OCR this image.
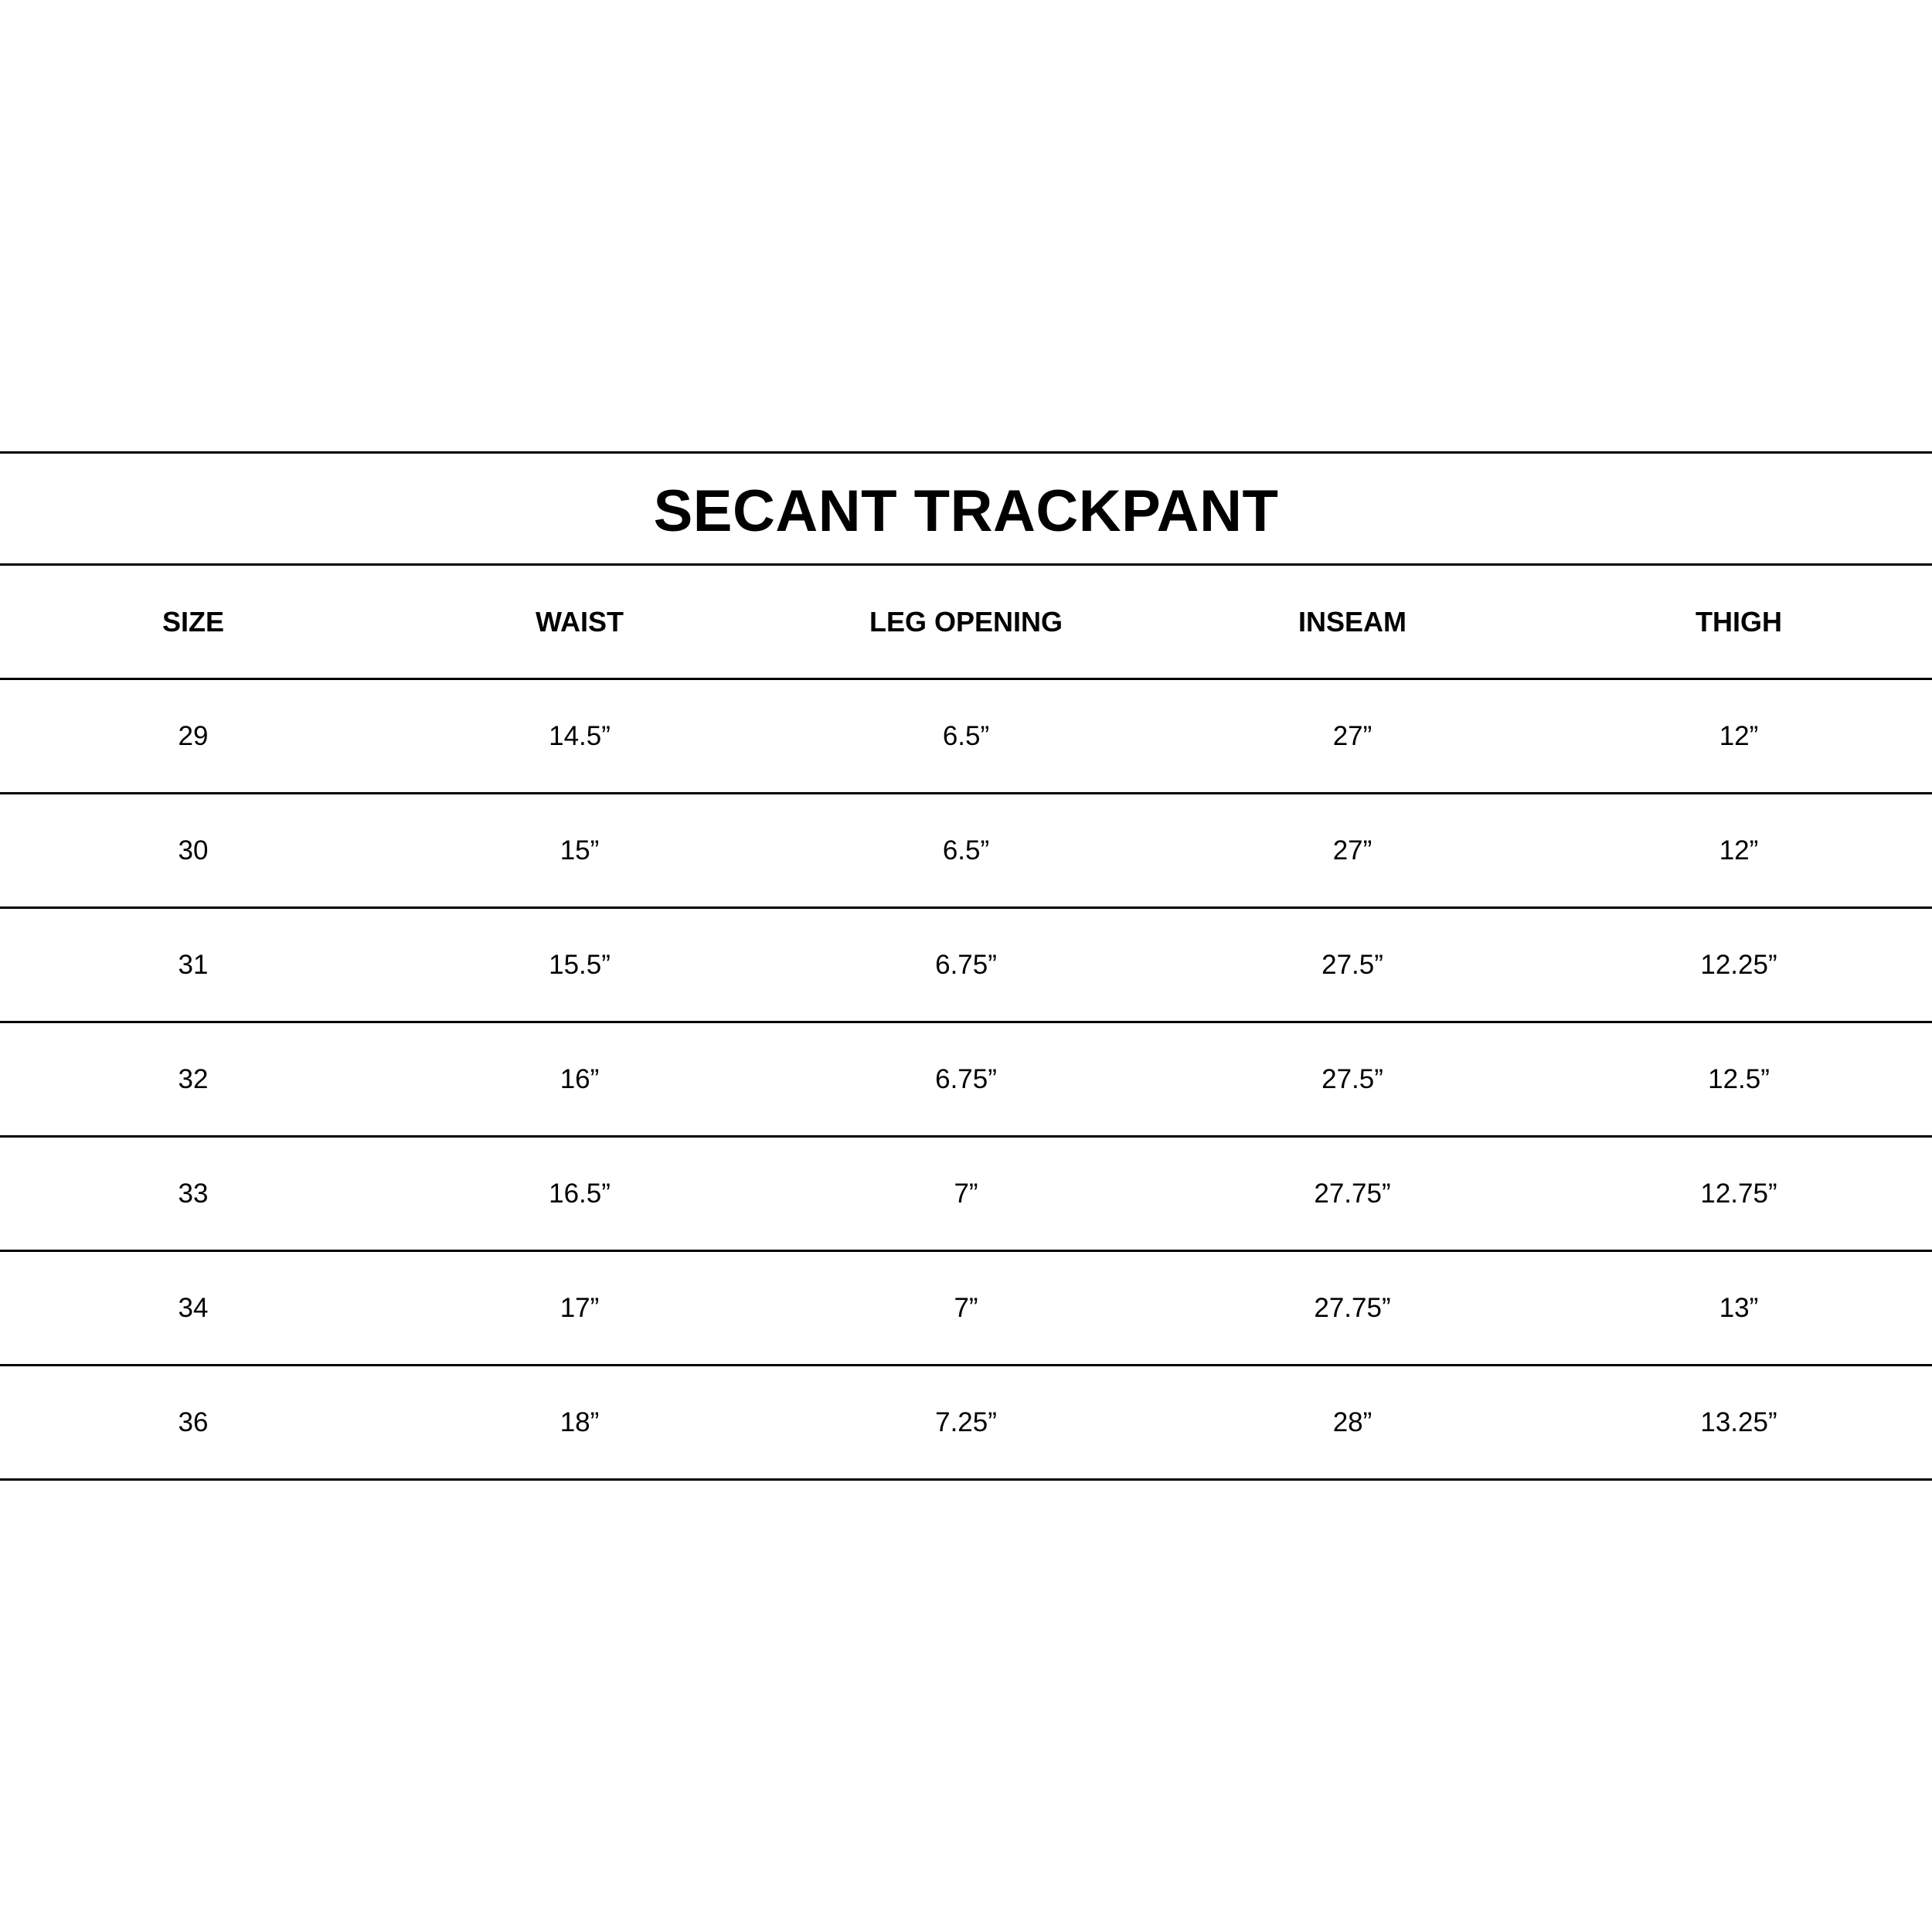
SECANT TRACKPANT
SIZE	WAIST	LEG OPENING	INSEAM	THIGH
29	14.5”	6.5”	27”	12”
30	15”	6.5”	27”	12”
31	15.5”	6.75”	27.5”	12.25”
32	16”	6.75”	27.5”	12.5”
33	16.5”	7”	27.75”	12.75”
34	17”	7”	27.75”	13”
36	18”	7.25”	28”	13.25”
